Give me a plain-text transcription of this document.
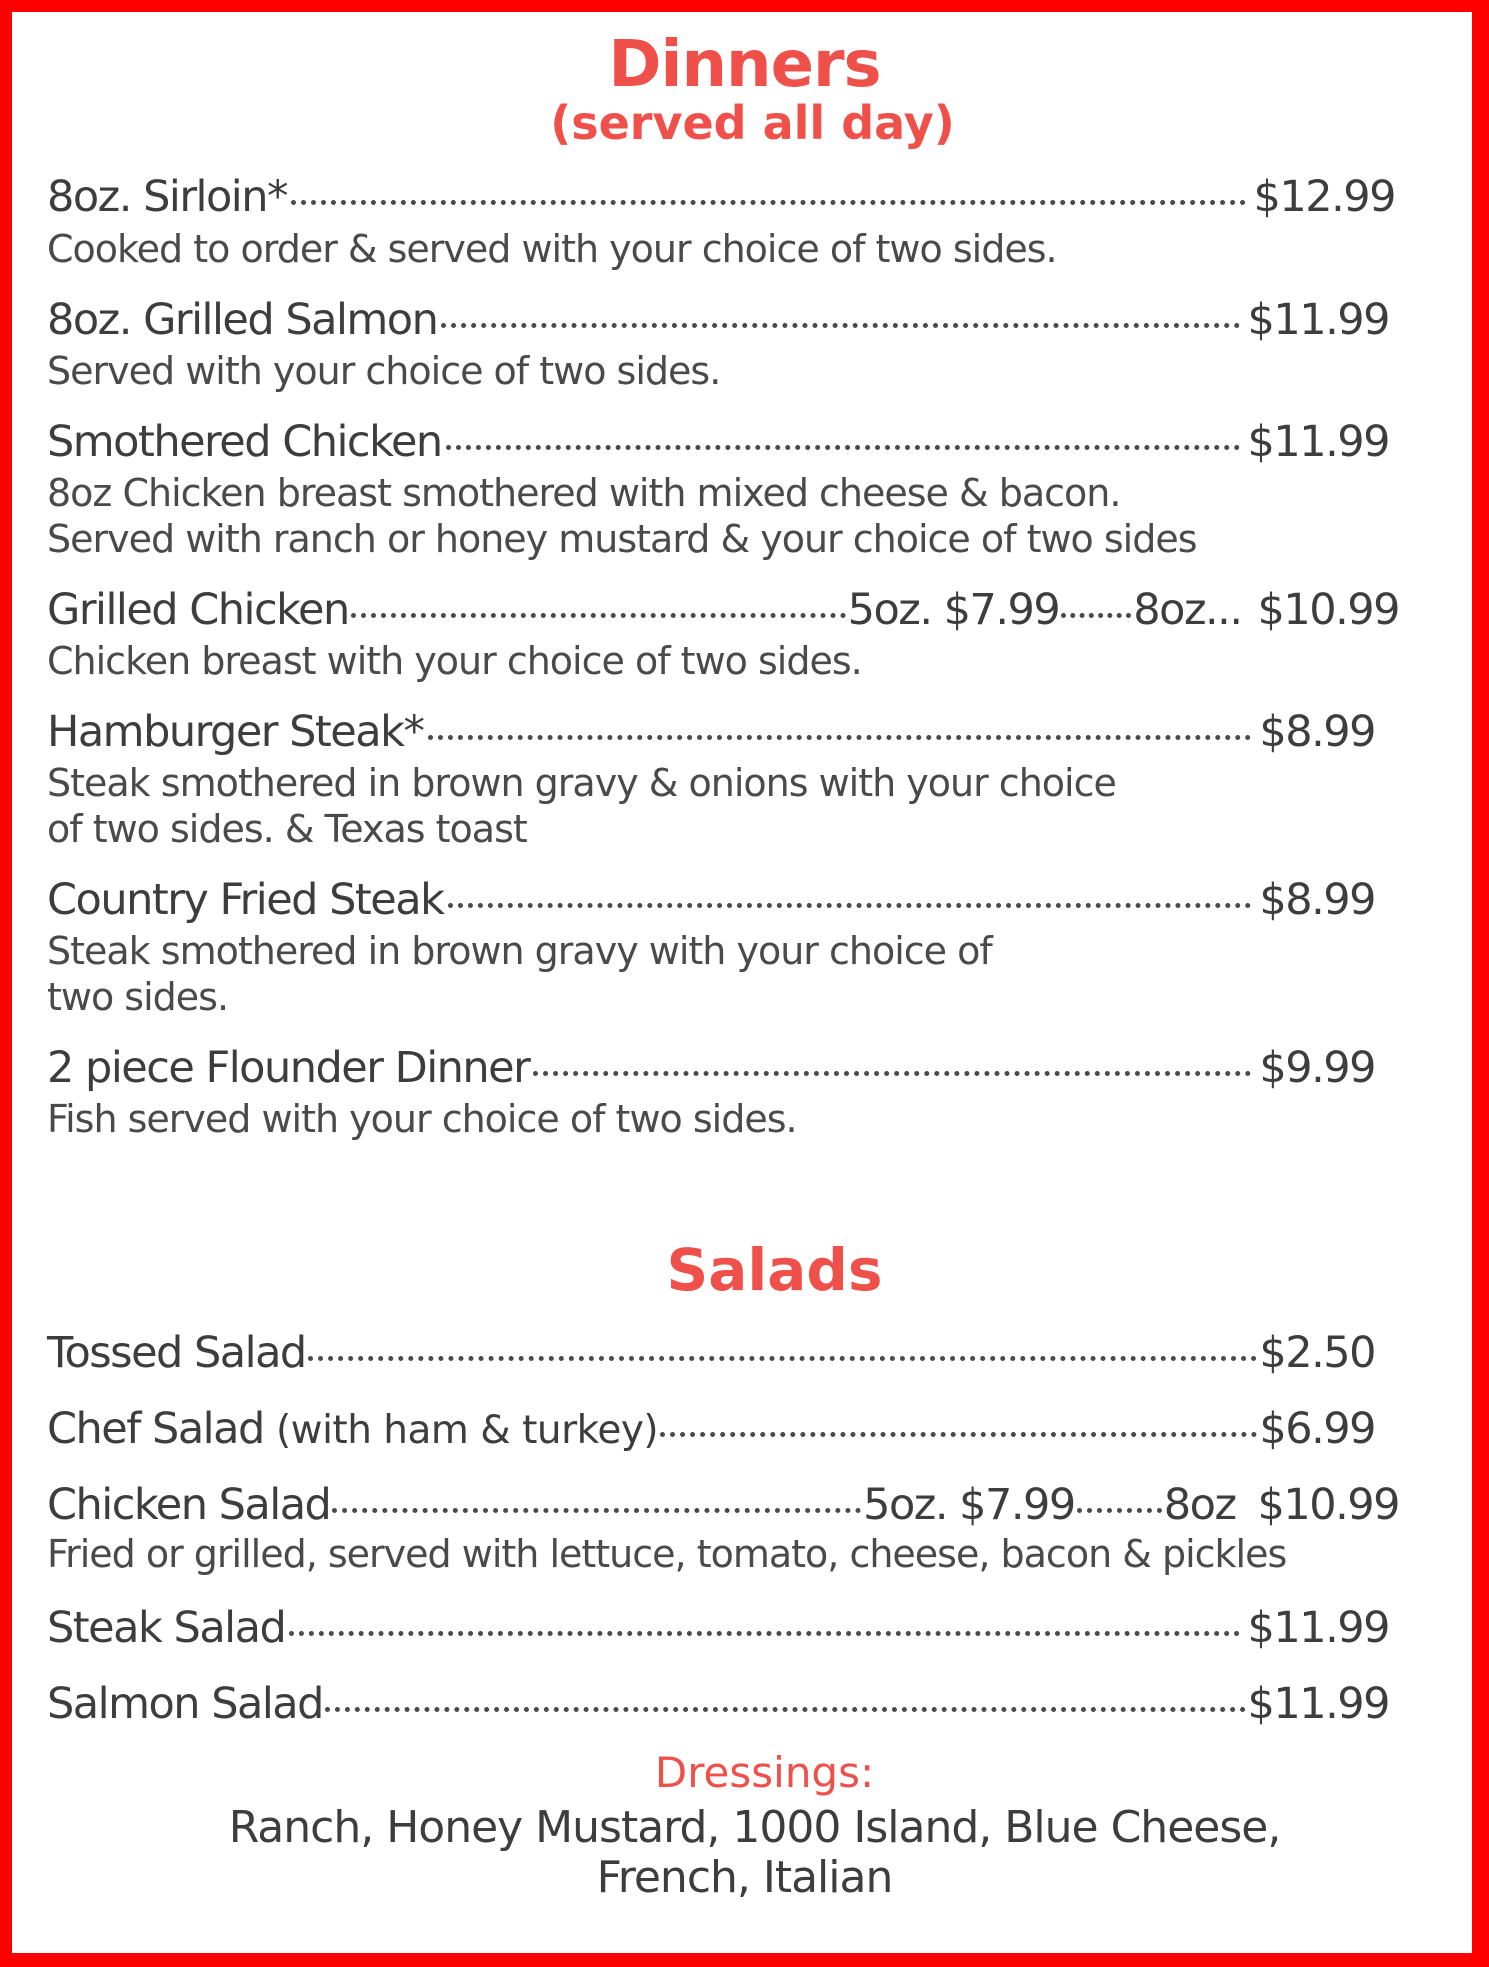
Dinners
(served all day)
8oz. Sirloin*	$12.99
Cooked to order & served with your choice of two sides.
8oz. Grilled Salmon	$11.99
Served with your choice of two sides.
Smothered Chicken	$11.99
8oz Chicken breast smothered with mixed cheese & bacon.
Served with ranch or honey mustard & your choice of two sides
Grilled Chicken	5oz. $7.99 8oz... $10.99
Chicken breast with your choice of two sides.
Hamburger Steak*	$8.99
Steak smothered in brown gravy & onions with your choice
of two sides. & Texas toast
Country Fried Steak	$8.99
Steak smothered in brown gravy with your choice of
two sides.
2 piece Flounder Dinner	$9.99
Fish served with your choice of two sides.
Salads
Tossed Salad	$2.50
Chef Salad (with ham & turkey)	$6.99
Chicken Salad	5oz. $7.99 8oz $10.99
Fried or grilled, served with lettuce, tomato, cheese, bacon & pickles
Steak Salad	$11.99
Salmon Salad	$11.99
Dressings:
Ranch, Honey Mustard, 1000 Island, Blue Cheese,
French, Italian
